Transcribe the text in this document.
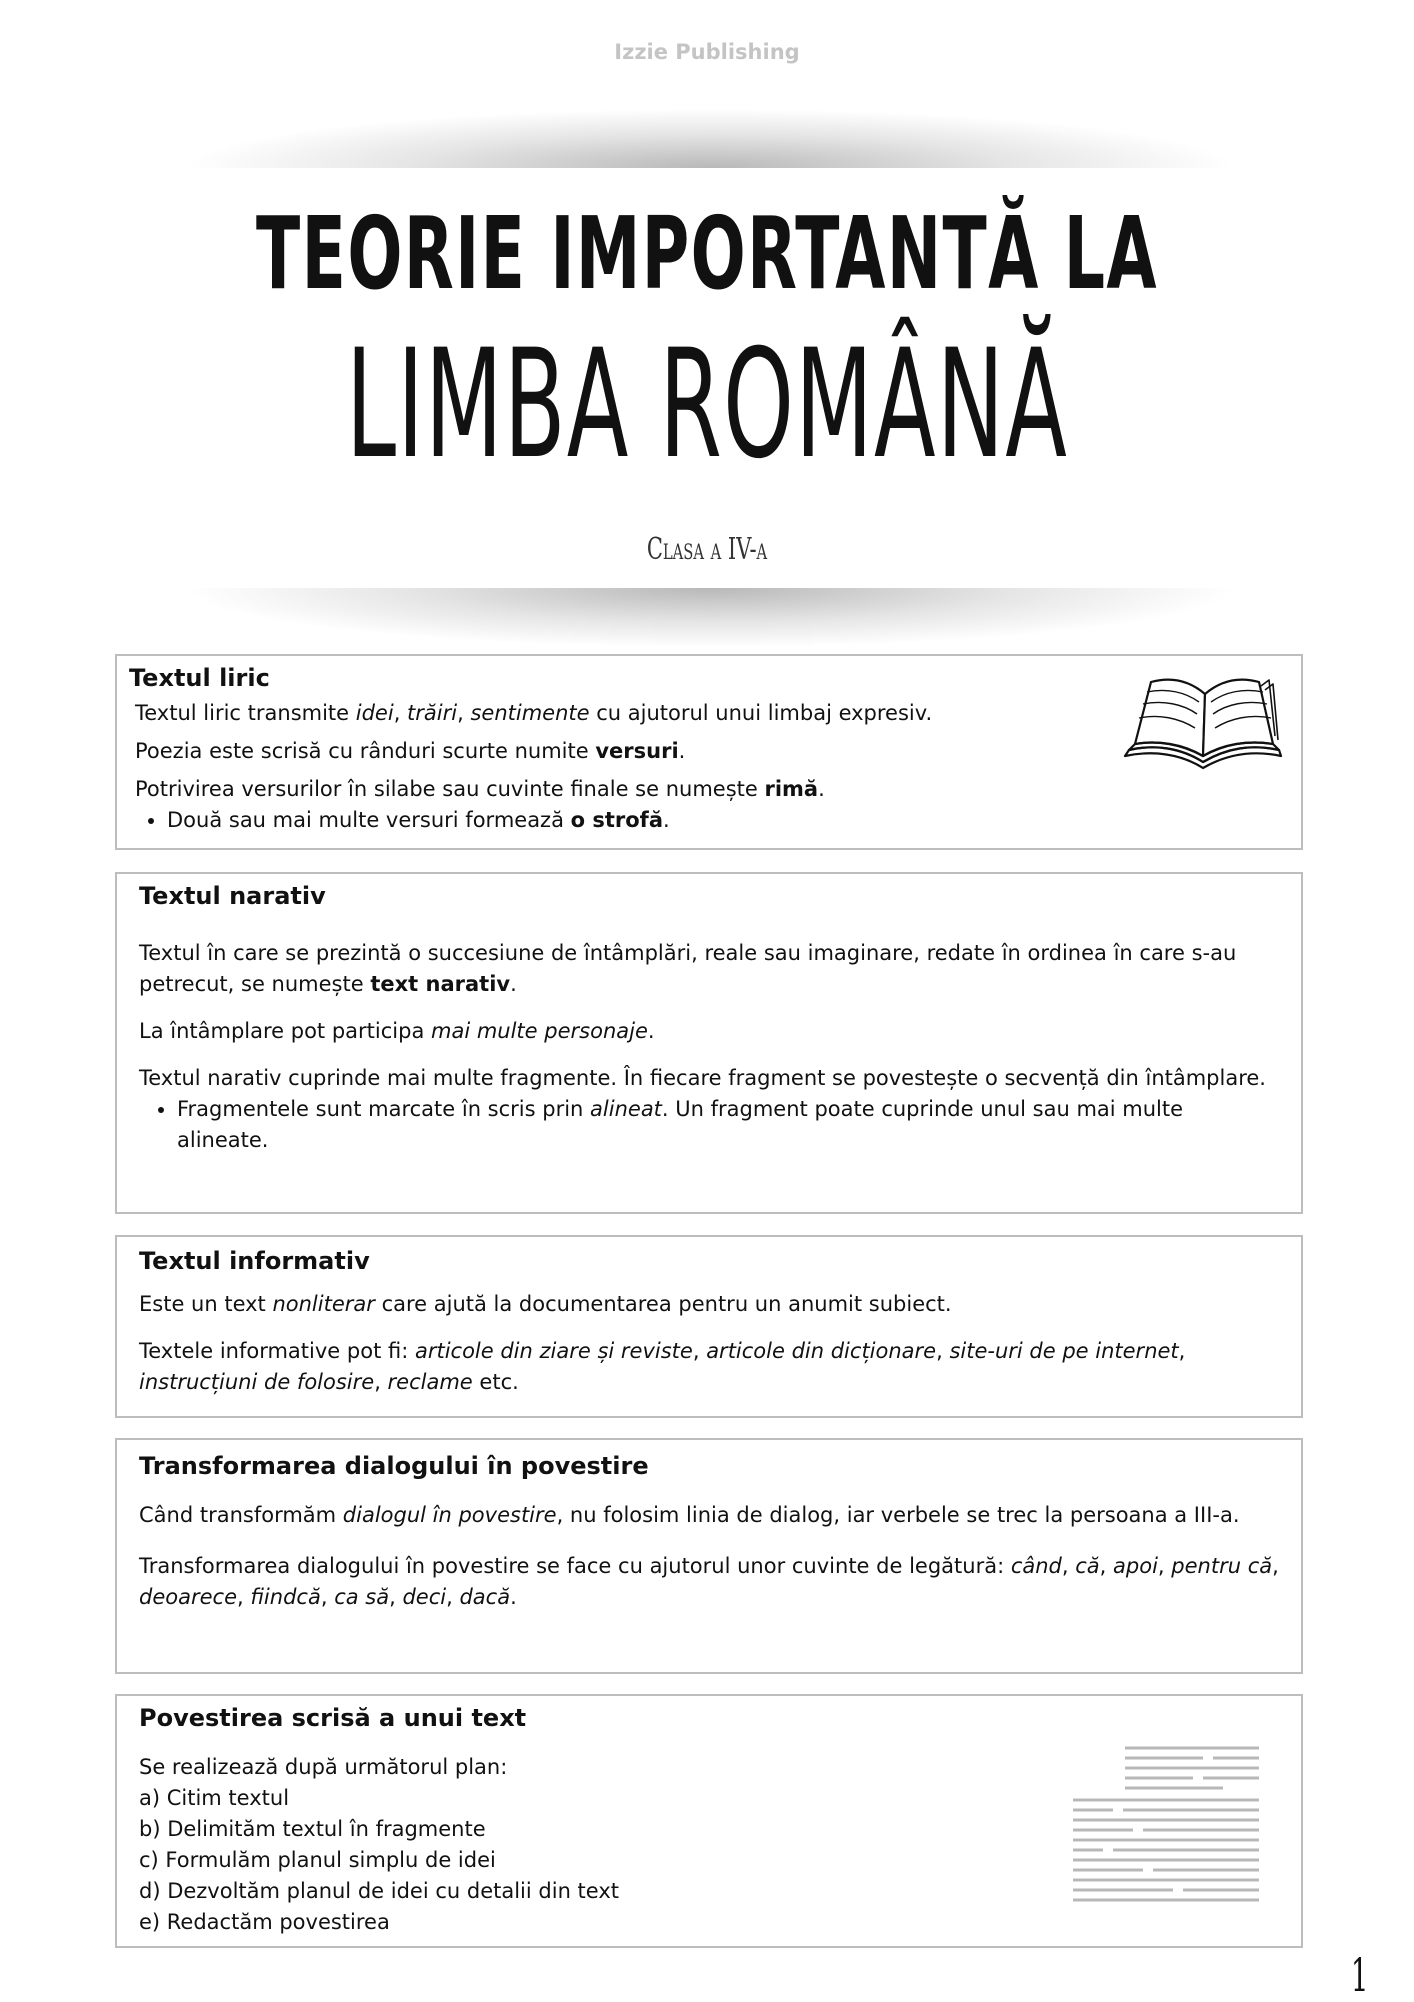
Izzie Publishing
TEORIE IMPORTANTĂ LA
LIMBA ROMÂNĂ
Clasa a IV-a
Textul liric

Textul liric transmite idei, trăiri, sentimente cu ajutorul unui limbaj expresiv.

Poezia este scrisă cu rânduri scurte numite versuri.

Potrivirea versurilor în silabe sau cuvinte finale se numește rimă.

• Două sau mai multe versuri formează o strofă.
Textul narativ

Textul în care se prezintă o succesiune de întâmplări, reale sau imaginare, redate în ordinea în care s-au petrecut, se numește text narativ.

La întâmplare pot participa mai multe personaje.

Textul narativ cuprinde mai multe fragmente. În fiecare fragment se povestește o secvență din întâmplare.

• Fragmentele sunt marcate în scris prin alineat. Un fragment poate cuprinde unul sau mai multe alineate.
Textul informativ

Este un text nonliterar care ajută la documentarea pentru un anumit subiect.

Textele informative pot fi: articole din ziare și reviste, articole din dicționare, site-uri de pe internet, instrucțiuni de folosire, reclame etc.

Transformarea dialogului în povestire

Când transformăm dialogul în povestire, nu folosim linia de dialog, iar verbele se trec la persoana a III-a.

Transformarea dialogului în povestire se face cu ajutorul unor cuvinte de legătură: când, că, apoi, pentru că, deoarece, fiindcă, ca să, deci, dacă.

Povestirea scrisă a unui text

Se realizează după următorul plan:

a) Citim textul

b) Delimităm textul în fragmente

c) Formulăm planul simplu de idei

d) Dezvoltăm planul de idei cu detalii din text

e) Redactăm povestirea

1
